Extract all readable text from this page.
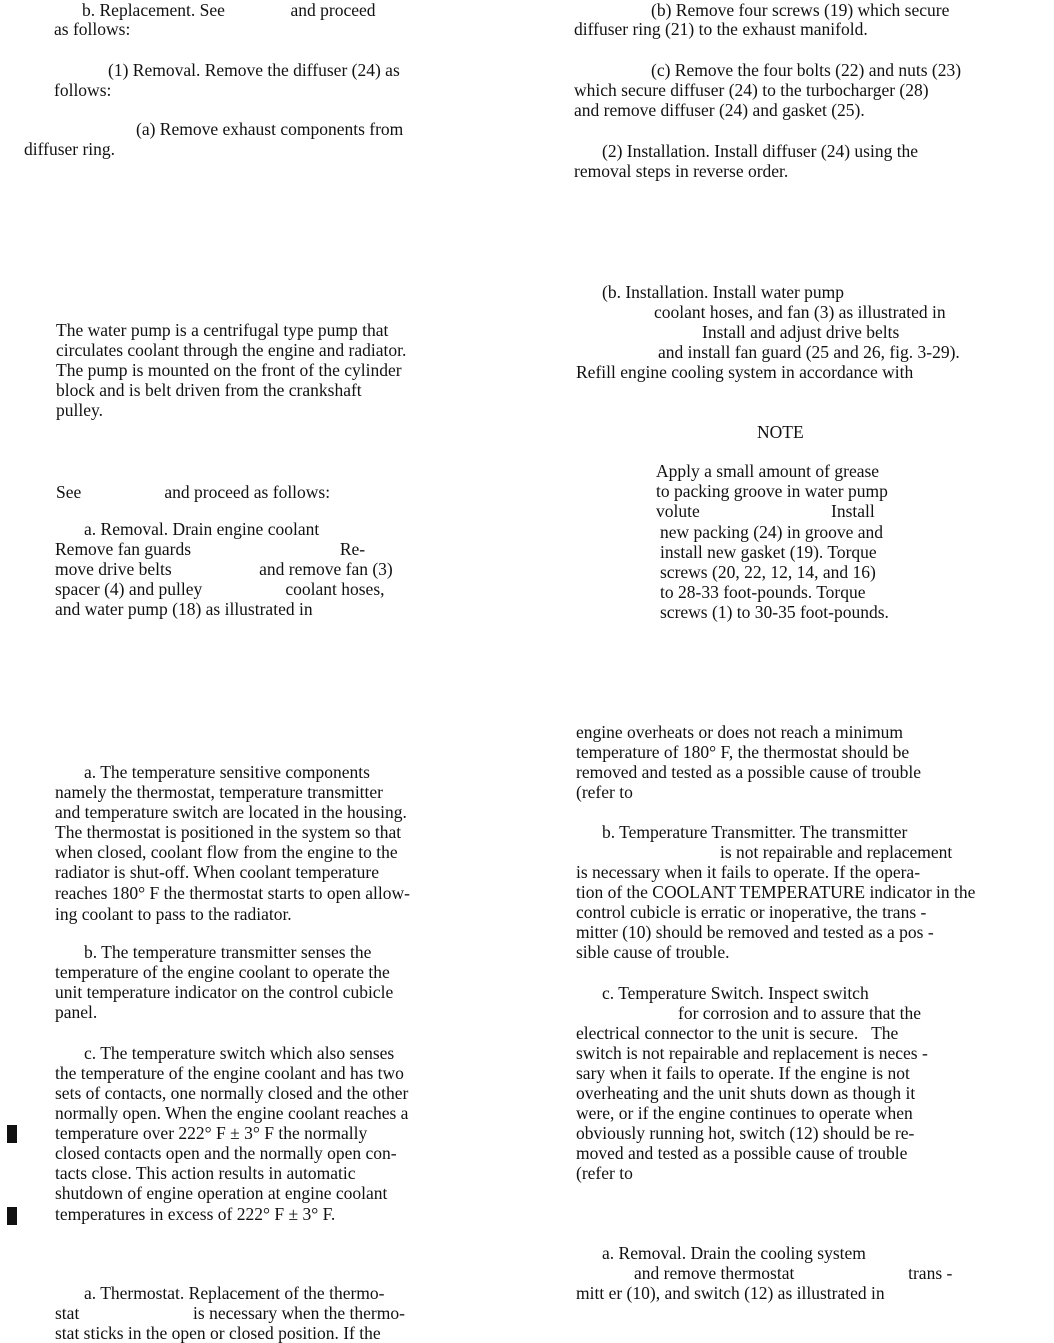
b. Replacement. See               and proceed

as follows:

(1) Removal. Remove the diffuser (24) as

follows:

(a) Remove exhaust components from

diffuser ring.

The water pump is a centrifugal type pump that

circulates coolant through the engine and radiator.

The pump is mounted on the front of the cylinder

block and is belt driven from the crankshaft

pulley.

See                   and proceed as follows:

a. Removal. Drain engine coolant

Remove fan guards                                  Re-

move drive belts                    and remove fan (3)

spacer (4) and pulley                   coolant hoses,

and water pump (18) as illustrated in

a. The temperature sensitive components

namely the thermostat, temperature transmitter

and temperature switch are located in the housing.

The thermostat is positioned in the system so that

when closed, coolant flow from the engine to the

radiator is shut-off. When coolant temperature

reaches 180° F the thermostat starts to open allow-

ing coolant to pass to the radiator.

b. The temperature transmitter senses the

temperature of the engine coolant to operate the

unit temperature indicator on the control cubicle

panel.

c. The temperature switch which also senses

the temperature of the engine coolant and has two

sets of contacts, one normally closed and the other

normally open. When the engine coolant reaches a

temperature over 222° F ± 3° F the normally

closed contacts open and the normally open con-

tacts close. This action results in automatic

shutdown of engine operation at engine coolant

temperatures in excess of 222° F ± 3° F.

a. Thermostat. Replacement of the thermo-

stat                          is necessary when the thermo-

stat sticks in the open or closed position. If the

(b) Remove four screws (19) which secure

diffuser ring (21) to the exhaust manifold.

(c) Remove the four bolts (22) and nuts (23)

which secure diffuser (24) to the turbocharger (28)

and remove diffuser (24) and gasket (25).

(2) Installation. Install diffuser (24) using the

removal steps in reverse order.

(b. Installation. Install water pump

coolant hoses, and fan (3) as illustrated in

Install and adjust drive belts

and install fan guard (25 and 26, fig. 3-29).

Refill engine cooling system in accordance with

NOTE

Apply a small amount of grease

to packing groove in water pump

volute                              Install

new packing (24) in groove and

install new gasket (19). Torque

screws (20, 22, 12, 14, and 16)

to 28-33 foot-pounds. Torque

screws (1) to 30-35 foot-pounds.

engine overheats or does not reach a minimum

temperature of 180° F, the thermostat should be

removed and tested as a possible cause of trouble

(refer to

b. Temperature Transmitter. The transmitter

is not repairable and replacement

is necessary when it fails to operate. If the opera-

tion of the COOLANT TEMPERATURE indicator in the

control cubicle is erratic or inoperative, the trans -

mitter (10) should be removed and tested as a pos -

sible cause of trouble.

c. Temperature Switch. Inspect switch

for corrosion and to assure that the

electrical connector to the unit is secure.   The

switch is not repairable and replacement is neces -

sary when it fails to operate. If the engine is not

overheating and the unit shuts down as though it

were, or if the engine continues to operate when

obviously running hot, switch (12) should be re-

moved and tested as a possible cause of trouble

(refer to

a. Removal. Drain the cooling system

and remove thermostat                          trans -

mitt er (10), and switch (12) as illustrated in
